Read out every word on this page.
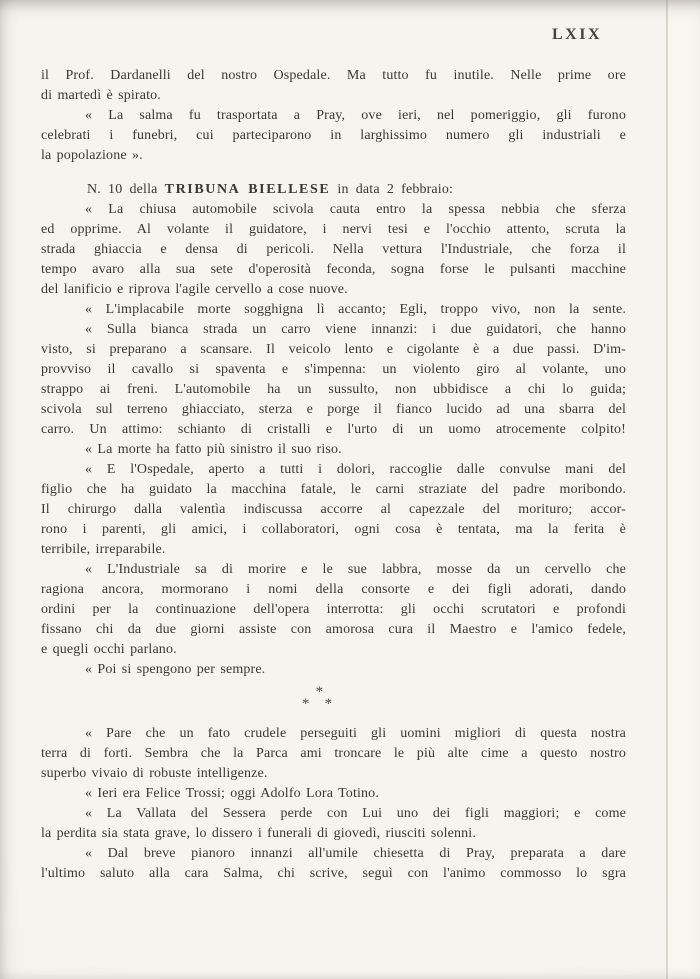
LXIX
il Prof. Dardanelli del nostro Ospedale. Ma tutto fu inutile. Nelle prime ore
di martedì è spirato.
« La salma fu trasportata a Pray, ove ieri, nel pomeriggio, gli furono
celebrati i funebri, cui parteciparono in larghissimo numero gli industriali e
la popolazione ».
N. 10 della TRIBUNA BIELLESE in data 2 febbraio:
« La chiusa automobile scivola cauta entro la spessa nebbia che sferza
ed opprime. Al volante il guidatore, i nervi tesi e l'occhio attento, scruta la
strada ghiaccia e densa di pericoli. Nella vettura l'Industriale, che forza il
tempo avaro alla sua sete d'operosità feconda, sogna forse le pulsanti macchine
del lanificio e riprova l'agile cervello a cose nuove.
« L'implacabile morte sogghigna lì accanto; Egli, troppo vivo, non la sente.
« Sulla bianca strada un carro viene innanzi: i due guidatori, che hanno
visto, si preparano a scansare. Il veicolo lento e cigolante è a due passi. D'im-
provviso il cavallo si spaventa e s'impenna: un violento giro al volante, uno
strappo ai freni. L'automobile ha un sussulto, non ubbidisce a chi lo guida;
scivola sul terreno ghiacciato, sterza e porge il fianco lucido ad una sbarra del
carro. Un attimo: schianto di cristalli e l'urto di un uomo atrocemente colpito!
« La morte ha fatto più sinistro il suo riso.
« E l'Ospedale, aperto a tutti i dolori, raccoglie dalle convulse mani del
figlio che ha guidato la macchina fatale, le carni straziate del padre moribondo.
Il chirurgo dalla valentìa indiscussa accorre al capezzale del morituro; accor-
rono i parenti, gli amici, i collaboratori, ogni cosa è tentata, ma la ferita è
terribile, irreparabile.
« L'Industriale sa di morire e le sue labbra, mosse da un cervello che
ragiona ancora, mormorano i nomi della consorte e dei figli adorati, dando
ordini per la continuazione dell'opera interrotta: gli occhi scrutatori e profondi
fissano chi da due giorni assiste con amorosa cura il Maestro e l'amico fedele,
e quegli occhi parlano.
« Poi si spengono per sempre.
*
* *
« Pare che un fato crudele perseguiti gli uomini migliori di questa nostra
terra di forti. Sembra che la Parca ami troncare le più alte cime a questo nostro
superbo vivaio di robuste intelligenze.
« Ieri era Felice Trossi; oggi Adolfo Lora Totino.
« La Vallata del Sessera perde con Lui uno dei figli maggiori; e come
la perdita sia stata grave, lo dissero i funerali di giovedì, riusciti solenni.
« Dal breve pianoro innanzi all'umile chiesetta di Pray, preparata a dare
l'ultimo saluto alla cara Salma, chi scrive, seguì con l'animo commosso lo sgra
